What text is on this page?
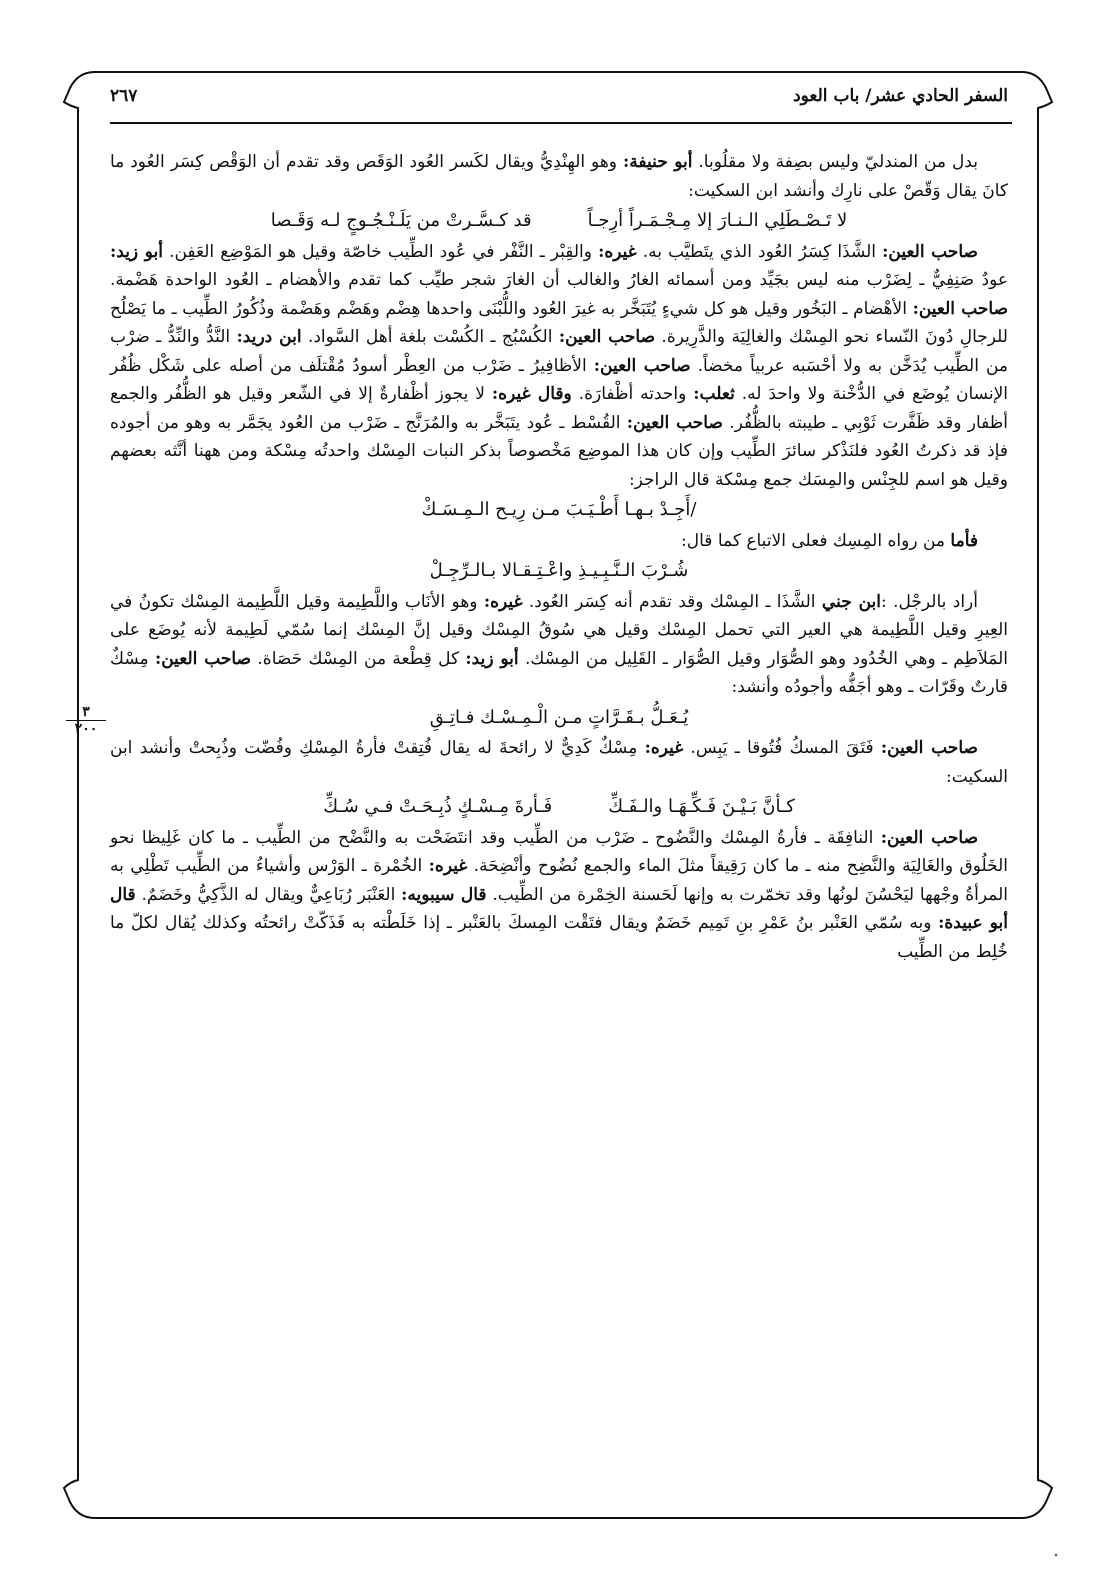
السفر الحادي عشر/ باب العود
٢٦٧
٣
٢٠٠

بدل من المندليّ وليس بصِفة ولا مقلُوبا. أبو حنيفة: وهو الهِنْدِيُّ ويقال لكَسر العُود الوَقَص وقد تقدم أن الوَقْص كِسَر العُود ما كانَ يقال وَقّصْ على نارِك وأنشد ابن السكيت:

لا تَـصْـطَلِي الـنـارَ إلا مِـجْـمَـراً أرِجـاًقد كـسَّـرتْ من يَلَـنْـجُـوجٍ لـه وَقَـصا

صاحب العين: الشَّذَا كِسَرُ العُود الذي يتَطيَّب به. غيره: والقِبْر ـ النَّفْر في عُود الطِّيب خاصّة وقيل هو المَوْضِع العَفِن. أبو زيد: عودٌ صَنِفِيٌّ ـ لِضَرْب منه ليس بجَيِّد ومن أسمائه الغارُ والغالب أن الغارَ شجر طيِّب كما تقدم والأهضام ـ العُود الواحدة هَضْمة. صاحب العين: الأهْضام ـ البَخُور وقيل هو كل شيءٍ يُتَبَخَّر به غيرَ العُود واللُّبْنَى واحدها هِضْم وهَضْم وهَضْمة وذُكُورُ الطِّيب ـ ما يَصْلُح للرجالِ دُونَ النّساء نحو المِسْك والغالِيَة والذَّرِيرة. صاحب العين: الكُسْبُج ـ الكُسْت بلغة أهل السَّواد. ابن دريد: النَّدُّ والنِّدُّ ـ ضرْب من الطِّيب يُدَخَّن به ولا أحْسَبه عربياً مخضاً. صاحب العين: الأظافِيرُ ـ ضَرْب من العِطْر أسودُ مُقْتلَف من أصله على شَكْل ظُفُر الإنسان يُوضَع في الدُّخْنة ولا واحدَ له. ثعلب: واحدته أظْفارَة. وقال غيره: لا يجوز أظْفارةٌ إلا في الشّعر وقيل هو الظُّفُر والجمع أظفار وقد ظَفَّرت ثَوْبِي ـ طيبته بالظُّفُر. صاحب العين: القُسْط ـ عُود يتَبَخَّر به والمُرَنَّج ـ ضَرْب من العُود يجَمَّر به وهو من أجوده فإذ قد ذكرتُ العُود فلنَذْكر سائرَ الطِّيب وإن كان هذا الموضِع مَخْصوصاً بذكر النبات المِسْك واحدتُه مِسْكة ومن ههنا أنَّثه بعضهم وقيل هو اسم للجِنْس والمِسَك جمع مِسْكة قال الراجز:

/أَجِـدْ بـهـا أَطْـيَـبَ مـن رِيـح الـمِـسَـكْ

فأما من رواه المِسِك فعلى الاتباع كما قال:

شُـرْبَ الـنَّـبِـيـذِ واعْـتِـقـالا بـالـرِّجِـلْ

أراد بالرجْل. :ابن جني الشَّذَا ـ المِسْك وقد تقدم أنه كِسَر العُود. غيره: وهو الأنَاب واللَّطِيمة وقيل اللَّطِيمة المِسْك تكونُ في العِيرِ وقيل اللَّطِيمة هي العير التي تحمل المِسْك وقيل هي سُوقُ المِسْك وقيل إنَّ المِسْك إنما سُمّي لَطِيمة لأنه يُوضَع على المَلاَطِم ـ وهي الخُدُود وهو الصُّوَار وقيل الصُّوَار ـ القَلِيل من المِسْك. أبو زيد: كل قِطْعة من المِسْك حَصَاة. صاحب العين: مِسْكٌ قارتٌ وقَرّات ـ وهو أجَفُّه وأجودُه وأنشد:

يُـعَـلُّ بـقَـرَّاتٍ مـن الْـمِـسْـك فـاتِـقِ

صاحب العين: فَتَقَ المسكُ فُتُوقا ـ يَبِس. غيره: مِسْكٌ كَدِيٌّ لا رائحةَ له يقال فُتِقتْ فأرةُ المِسْكِ وفُضّت وذُبِحتْ وأنشد ابن السكيت:

كـأنَّ بَـيْـنَ فَـكِّـهَـا والـفَـكِّفَـأرةَ مِـسْـكٍ ذُبِـحَـتْ فـي سُـكِّ

صاحب العين: النافِقَة ـ فأرةُ المِسْك والنَّضُوح ـ ضَرْب من الطِّيب وقد انتَضَحْت به والنَّضْح من الطِّيب ـ ما كان غَلِيظا نحو الخَلُوق والغَالِيَة والنَّضِح منه ـ ما كان رَقِيقاً مثلَ الماء والجمع نُضُوح وأنْضِحَة. غيره: الخُمْرة ـ الوَرْس وأشياءُ من الطِّيب تَطْلِي به المرأةُ وجْهها ليَحْسُنَ لونُها وقد تخمّرت به وإنها لَحَسنة الخِمْرة من الطِّيب. قال سيبويه: العَنْبَر رُبَاعِيٌّ ويقال له الذَّكِيُّ وخَضَمٌ. قال أبو عبيدة: وبه سُمّي العَنْبر بنُ عَمْرِ بنِ تَمِيم خَضَمٌ ويقال فتَقْت المِسكَ بالعَنْبر ـ إذا خَلَطْته به فَذَكّتْ رائحتُه وكذلك يُقال لكلّ ما خُلِط من الطِّيب
